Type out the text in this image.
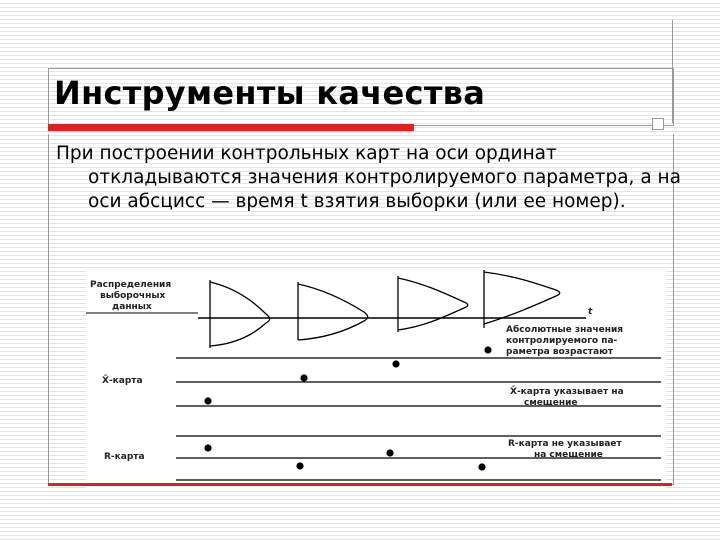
Инструменты качества

При построении контрольных карт на оси ординат откладываются значения контролируемого параметра, а на оси абсцисс — время t взятия выборки (или ее номер).

Распределения
выборочных
данных	t
Абсолютные значения
контролируемого па-
раметра возрастают
X̄-карта
X̄-карта указывает на
смещение
R-карта
R-карта не указывает
на смещение
